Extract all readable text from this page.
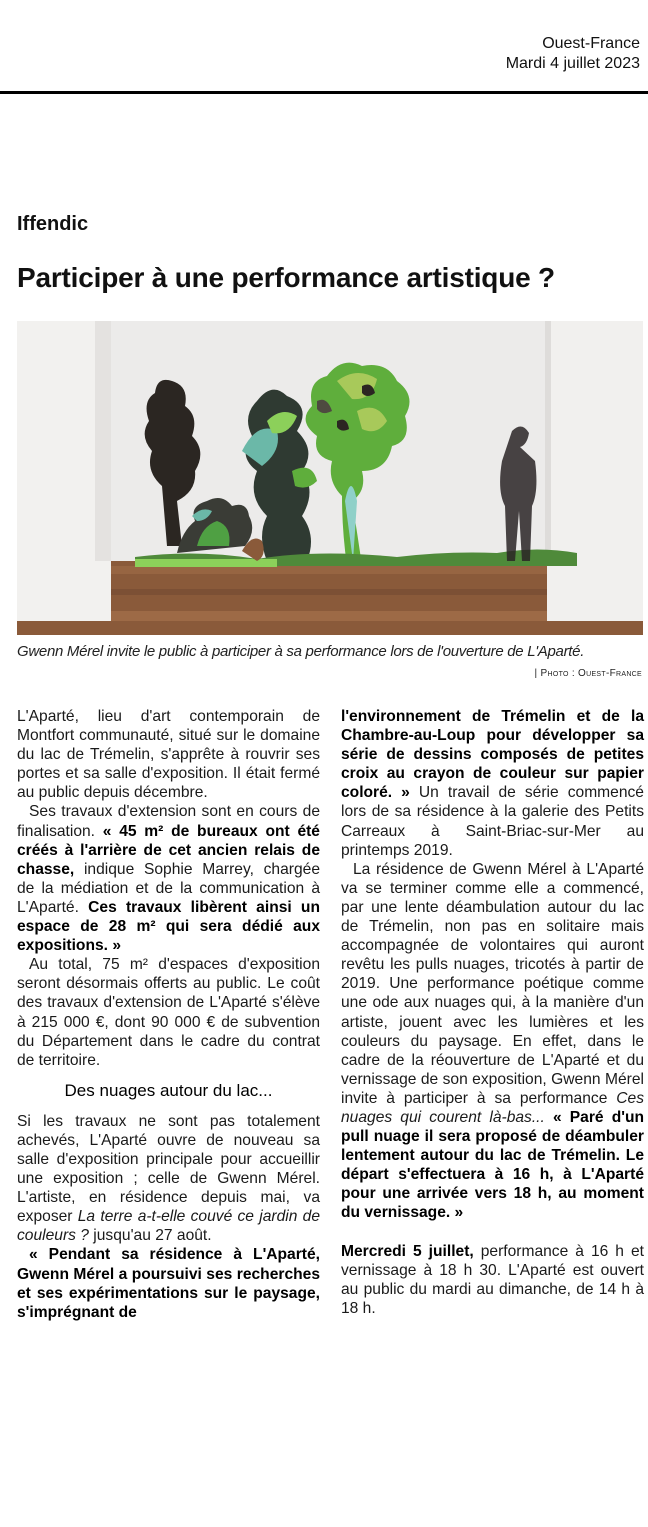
Ouest-France
Mardi 4 juillet 2023
Iffendic
Participer à une performance artistique ?
Gwenn Mérel invite le public à participer à sa performance lors de l'ouverture de L'Aparté.
| Photo : Ouest-France

L'Aparté, lieu d'art contemporain de Montfort communauté, situé sur le domaine du lac de Trémelin, s'apprête à rouvrir ses portes et sa salle d'exposition. Il était fermé au public depuis décembre.

Ses travaux d'extension sont en cours de finalisation. « 45 m² de bureaux ont été créés à l'arrière de cet ancien relais de chasse, indique Sophie Marrey, chargée de la médiation et de la communication à L'Aparté. Ces travaux libèrent ainsi un espace de 28 m² qui sera dédié aux expositions. »

Au total, 75 m² d'espaces d'exposition seront désormais offerts au public. Le coût des travaux d'extension de L'Aparté s'élève à 215 000 €, dont 90 000 € de subvention du Département dans le cadre du contrat de territoire.

Des nuages autour du lac...

Si les travaux ne sont pas totalement achevés, L'Aparté ouvre de nouveau sa salle d'exposition principale pour accueillir une exposition ; celle de Gwenn Mérel. L'artiste, en résidence depuis mai, va exposer La terre a-t-elle couvé ce jardin de couleurs ? jusqu'au 27 août.

« Pendant sa résidence à L'Aparté, Gwenn Mérel a poursuivi ses recherches et ses expérimentations sur le paysage, s'imprégnant de

l'environnement de Trémelin et de la Chambre-au-Loup pour développer sa série de dessins composés de petites croix au crayon de couleur sur papier coloré. » Un travail de série commencé lors de sa résidence à la galerie des Petits Carreaux à Saint-Briac-sur-Mer au printemps 2019.

La résidence de Gwenn Mérel à L'Aparté va se terminer comme elle a commencé, par une lente déambulation autour du lac de Trémelin, non pas en solitaire mais accompagnée de volontaires qui auront revêtu les pulls nuages, tricotés à partir de 2019. Une performance poétique comme une ode aux nuages qui, à la manière d'un artiste, jouent avec les lumières et les couleurs du paysage. En effet, dans le cadre de la réouverture de L'Aparté et du vernissage de son exposition, Gwenn Mérel invite à participer à sa performance Ces nuages qui courent là-bas... « Paré d'un pull nuage il sera proposé de déambuler lentement autour du lac de Trémelin. Le départ s'effectuera à 16 h, à L'Aparté pour une arrivée vers 18 h, au moment du vernissage. »

Mercredi 5 juillet, performance à 16 h et vernissage à 18 h 30. L'Aparté est ouvert au public du mardi au dimanche, de 14 h à 18 h.
